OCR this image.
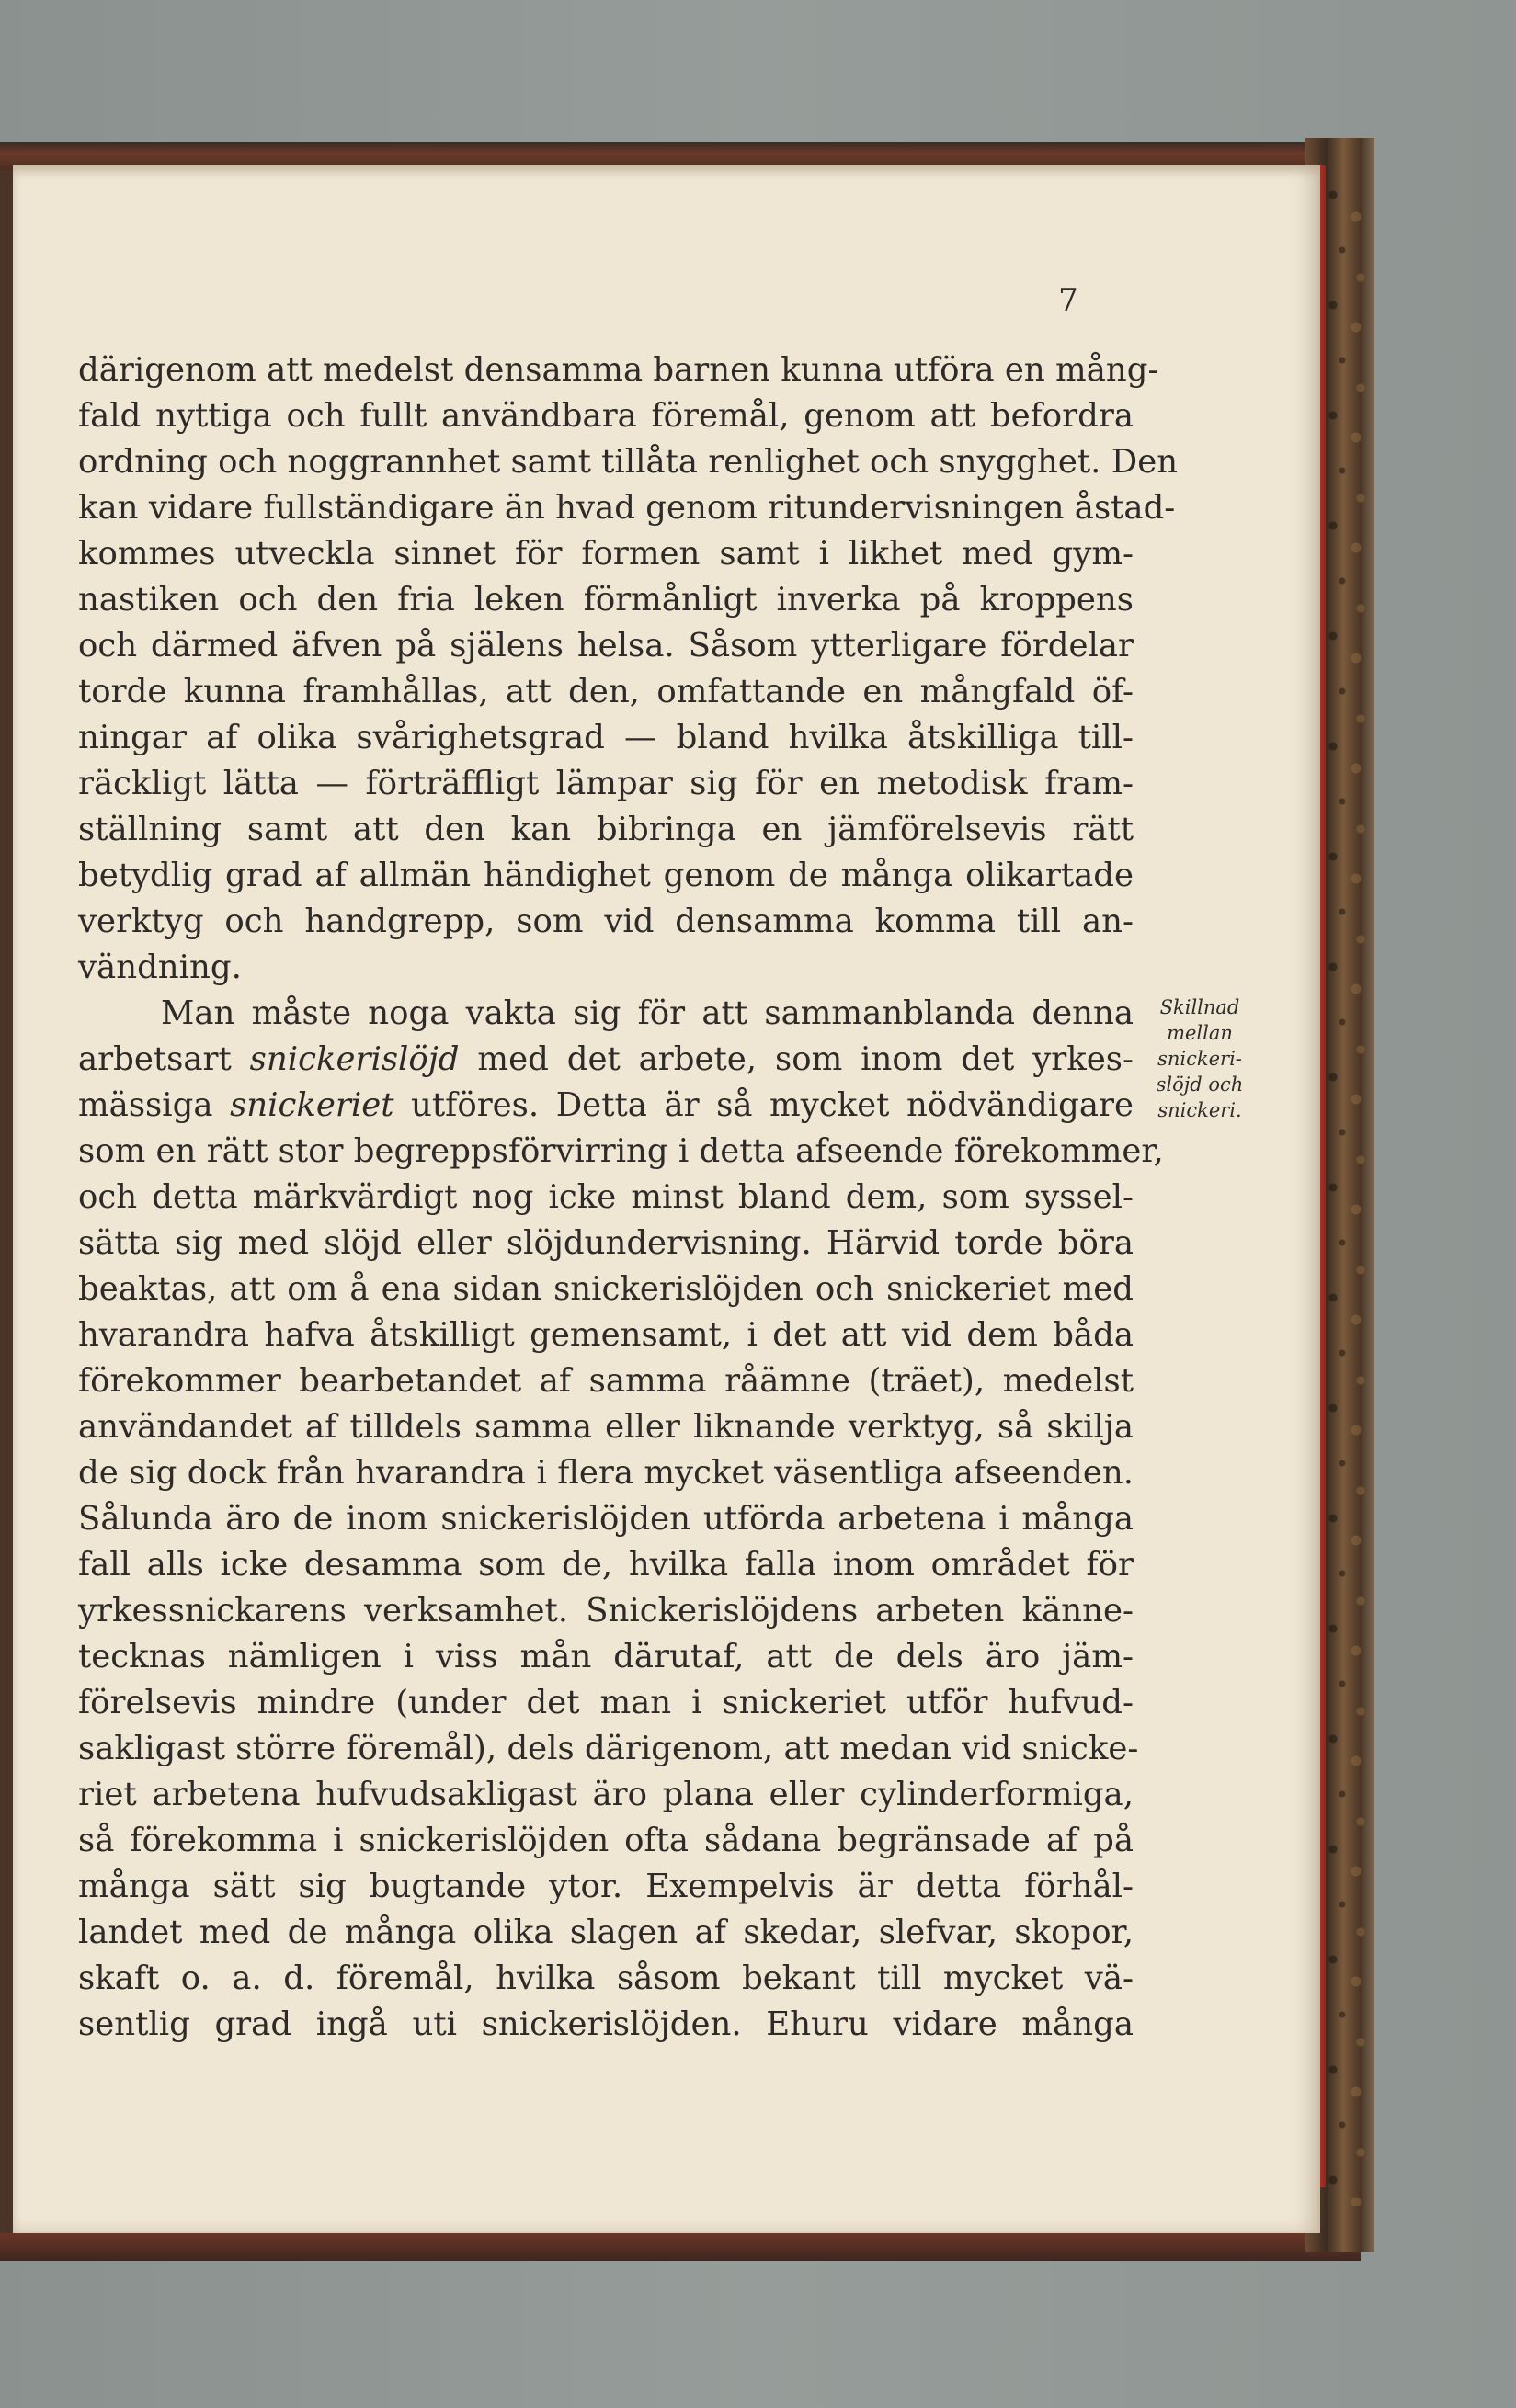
7
därigenom att medelst densamma barnen kunna utföra en mång-
fald nyttiga och fullt användbara föremål, genom att befordra
ordning och noggrannhet samt tillåta renlighet och snygghet. Den
kan vidare fullständigare än hvad genom ritundervisningen åstad-
kommes utveckla sinnet för formen samt i likhet med gym-
nastiken och den fria leken förmånligt inverka på kroppens
och därmed äfven på själens helsa. Såsom ytterligare fördelar
torde kunna framhållas, att den, omfattande en mångfald öf-
ningar af olika svårighetsgrad — bland hvilka åtskilliga till-
räckligt lätta — förträffligt lämpar sig för en metodisk fram-
ställning samt att den kan bibringa en jämförelsevis rätt
betydlig grad af allmän händighet genom de många olikartade
verktyg och handgrepp, som vid densamma komma till an-
vändning.
Man måste noga vakta sig för att sammanblanda denna
arbetsart snickerislöjd med det arbete, som inom det yrkes-
mässiga snickeriet utföres. Detta är så mycket nödvändigare
som en rätt stor begreppsförvirring i detta afseende förekommer,
och detta märkvärdigt nog icke minst bland dem, som syssel-
sätta sig med slöjd eller slöjdundervisning. Härvid torde böra
beaktas, att om å ena sidan snickerislöjden och snickeriet med
hvarandra hafva åtskilligt gemensamt, i det att vid dem båda
förekommer bearbetandet af samma råämne (träet), medelst
användandet af tilldels samma eller liknande verktyg, så skilja
de sig dock från hvarandra i flera mycket väsentliga afseenden.
Sålunda äro de inom snickerislöjden utförda arbetena i många
fall alls icke desamma som de, hvilka falla inom området för
yrkessnickarens verksamhet. Snickerislöjdens arbeten känne-
tecknas nämligen i viss mån därutaf, att de dels äro jäm-
förelsevis mindre (under det man i snickeriet utför hufvud-
sakligast större föremål), dels därigenom, att medan vid snicke-
riet arbetena hufvudsakligast äro plana eller cylinderformiga,
så förekomma i snickerislöjden ofta sådana begränsade af på
många sätt sig bugtande ytor. Exempelvis är detta förhål-
landet med de många olika slagen af skedar, slefvar, skopor,
skaft o. a. d. föremål, hvilka såsom bekant till mycket vä-
sentlig grad ingå uti snickerislöjden. Ehuru vidare många
Skillnad
mellan
snickeri-
slöjd och
snickeri.
